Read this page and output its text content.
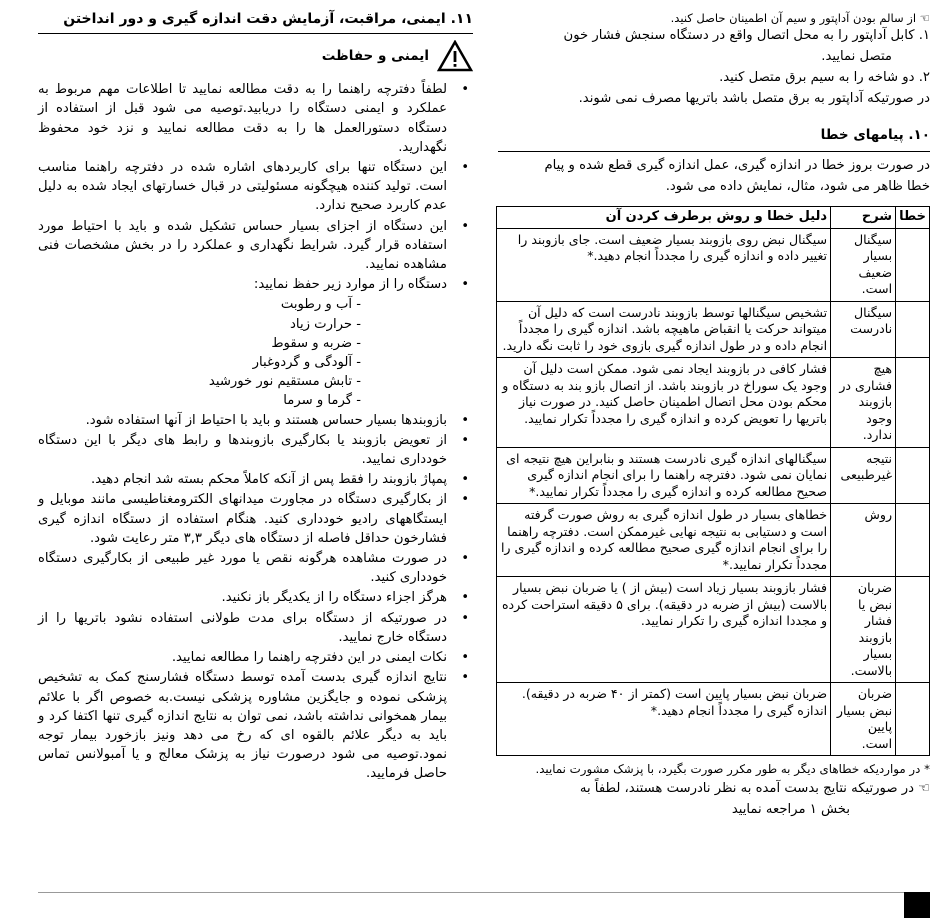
☜ از سالم بودن آداپتور و سیم آن اطمینان حاصل کنید.
۱. کابل آداپتور را به محل اتصال واقع در دستگاه سنجش فشار خون
متصل نمایید.
۲. دو شاخه را به سیم برق متصل کنید.
در صورتیکه آداپتور به برق متصل باشد باتریها مصرف نمی شوند.
۱۰. پیامهای خطا
در صورت بروز خطا در اندازه گیری، عمل اندازه گیری قطع شده و پیام
خطا ظاهر می شود، مثال، نمایش داده می شود.
خطا	شرح	دلیل خطا و روش برطرف کردن آن
	سیگنال بسیار ضعیف است.	سیگنال نبض روی بازوبند بسیار ضعیف است. جای بازوبند را تغییر داده و اندازه گیری را مجدداً انجام دهید.*
	سیگنال نادرست	تشخیص سیگنالها توسط بازوبند نادرست است که دلیل آن میتواند حرکت یا انقباض ماهیچه باشد. اندازه گیری را مجدداً انجام داده و در طول اندازه گیری بازوی خود را ثابت نگه دارید.
	هیچ فشاری در بازوبند وجود ندارد.	فشار کافی در بازوبند ایجاد نمی شود. ممکن است دلیل آن وجود یک سوراخ در بازوبند باشد. از اتصال بازو بند به دستگاه و محکم بودن محل اتصال اطمینان حاصل کنید. در صورت نیاز باتریها را تعویض کرده و اندازه گیری را مجدداً تکرار نمایید.
	نتیجه غیرطبیعی	سیگنالهای اندازه گیری نادرست هستند و بنابراین هیچ نتیجه ای نمایان نمی شود. دفترچه راهنما را برای انجام اندازه گیری صحیح مطالعه کرده و اندازه گیری را مجدداً تکرار نمایید.*
	روش	خطاهای بسیار در طول اندازه گیری به روش صورت گرفته است و دستیابی به نتیجه نهایی غیرممکن است. دفترچه راهنما را برای انجام اندازه گیری صحیح مطالعه کرده و اندازه گیری را مجدداً تکرار نمایید.*
	ضربان نبض یا فشار بازوبند بسیار بالاست.	فشار بازوبند بسیار زیاد است (بیش از ) یا ضربان نبض بسیار بالاست (بیش از ضربه در دقیقه). برای ۵ دقیقه استراحت کرده و مجددا اندازه گیری را تکرار نمایید.
	ضربان نبض بسیار پایین است.	ضربان نبض بسیار پایین است (کمتر از ۴۰ ضربه در دقیقه). اندازه گیری را مجدداً انجام دهید.*
* در مواردیکه خطاهای دیگر به طور مکرر صورت بگیرد، با پزشک مشورت نمایید.
☜ در صورتیکه نتایج بدست آمده به نظر نادرست هستند، لطفاً به
بخش ۱ مراجعه نمایید
۱۱. ایمنی، مراقبت، آزمایش دقت اندازه گیری و دور انداختن
ایمنی و حفاظت
•
لطفاً دفترچه راهنما را به دقت مطالعه نمایید تا اطلاعات مهم مربوط به عملکرد و ایمنی دستگاه را دریابید.توصیه می شود قبل از استفاده از دستگاه دستورالعمل ها را به دقت مطالعه نمایید و نزد خود محفوظ نگهدارید.
•
این دستگاه تنها برای کاربردهای اشاره شده در دفترچه راهنما مناسب است. تولید کننده هیچگونه مسئولیتی در قبال خسارتهای ایجاد شده به دلیل عدم کاربرد صحیح ندارد.
•
این دستگاه از اجزای بسیار حساس تشکیل شده و باید با احتیاط مورد استفاده قرار گیرد. شرایط نگهداری و عملکرد را در بخش مشخصات فنی مشاهده نمایید.
•
دستگاه را از موارد زیر حفظ نمایید:
- آب و رطوبت
- حرارت زیاد
- ضربه و سقوط
- آلودگی و گردوغبار
- تابش مستقیم نور خورشید
- گرما و سرما
•
بازوبندها بسیار حساس هستند و باید با احتیاط از آنها استفاده شود.
•
از تعویض بازوبند یا بکارگیری بازوبندها و رابط های دیگر با این دستگاه خودداری نمایید.
•
پمپاژ بازوبند را فقط پس از آنکه کاملاً محکم بسته شد انجام دهید.
•
از بکارگیری دستگاه در مجاورت میدانهای الکترومغناطیسی مانند موبایل و ایستگاههای رادیو خودداری کنید. هنگام استفاده از دستگاه اندازه گیری فشارخون حداقل فاصله از دستگاه های دیگر ۳,۳ متر رعایت شود.
•
در صورت مشاهده هرگونه نقص یا مورد غیر طبیعی از بکارگیری دستگاه خودداری کنید.
•
هرگز اجزاء دستگاه را از یکدیگر باز نکنید.
•
در صورتیکه از دستگاه برای مدت طولانی استفاده نشود باتریها را از دستگاه خارج نمایید.
•
نکات ایمنی در این دفترچه راهنما را مطالعه نمایید.
•
نتایج اندازه گیری بدست آمده توسط دستگاه فشارسنج کمک به تشخیص پزشکی نموده و جایگزین مشاوره پزشکی نیست.به خصوص اگر با علائم بیمار همخوانی نداشته باشد، نمی توان به نتایج اندازه گیری تنها اکتفا کرد و باید به دیگر علائم بالقوه ای که رخ می دهد ونیز بازخورد بیمار توجه نمود.توصیه می شود درصورت نیاز به پزشک معالج و یا آمبولانس تماس حاصل فرمایید.
